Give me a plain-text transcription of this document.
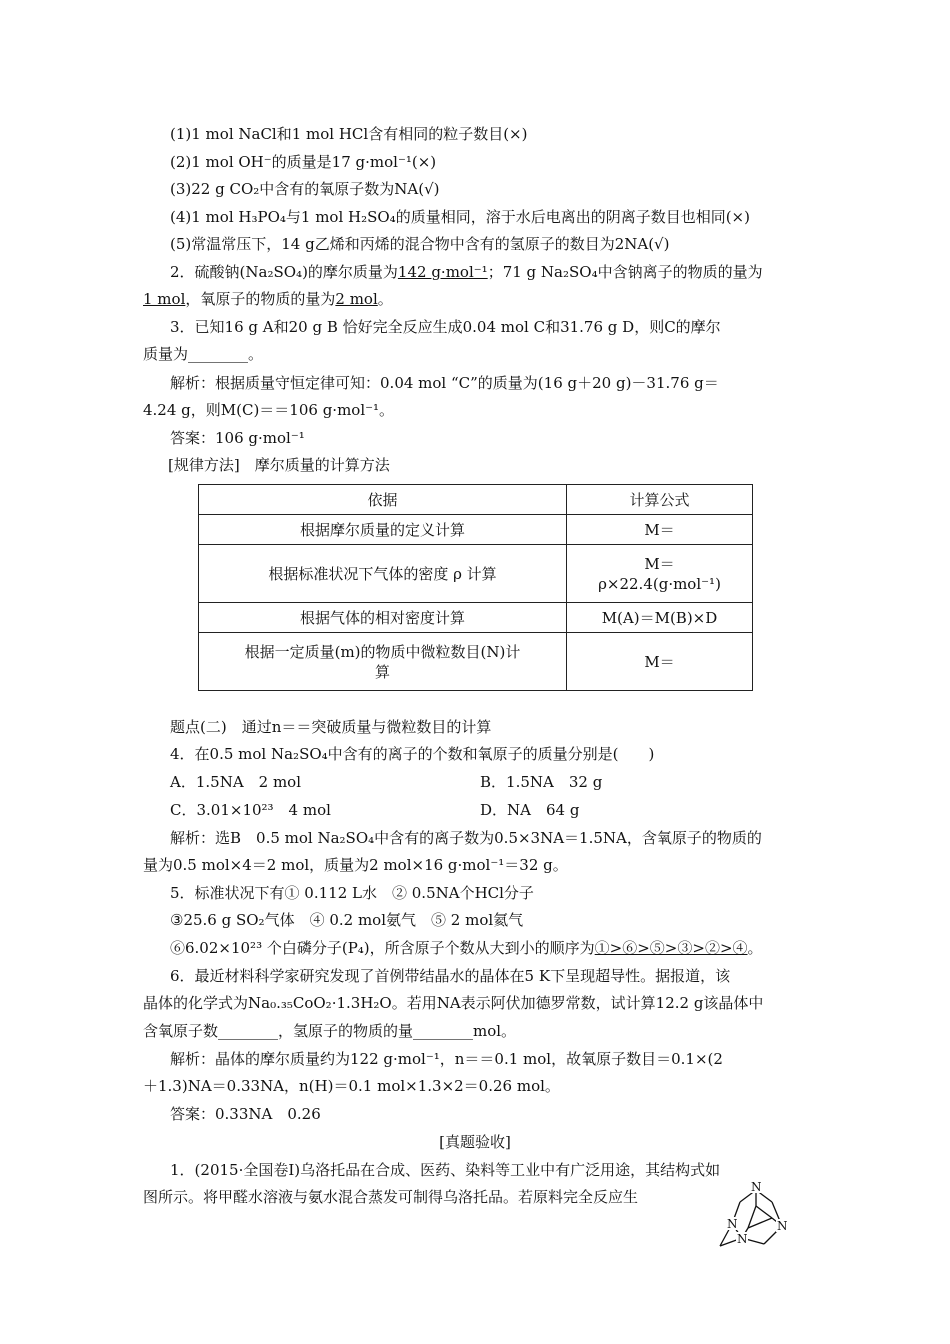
(1)1 mol NaCl和1 mol HCl含有相同的粒子数目(×)
(2)1 mol OH⁻的质量是17 g·mol⁻¹(×)
(3)22 g CO₂中含有的氧原子数为NA(√)
(4)1 mol H₃PO₄与1 mol H₂SO₄的质量相同，溶于水后电离出的阴离子数目也相同(×)
(5)常温常压下，14 g乙烯和丙烯的混合物中含有的氢原子的数目为2NA(√)
2．硫酸钠(Na₂SO₄)的摩尔质量为142 g·mol⁻¹；71 g Na₂SO₄中含钠离子的物质的量为
1 mol，氧原子的物质的量为2 mol。
3．已知16 g A和20 g B 恰好完全反应生成0.04 mol C和31.76 g D，则C的摩尔
质量为________。
解析：根据质量守恒定律可知：0.04 mol “C”的质量为(16 g＋20 g)－31.76 g＝
4.24 g，则M(C)＝＝106 g·mol⁻¹。
答案：106 g·mol⁻¹
[规律方法]　摩尔质量的计算方法
依据	计算公式
根据摩尔质量的定义计算	M＝
根据标准状况下气体的密度 ρ 计算	M＝
ρ×22.4(g·mol⁻¹)

根据气体的相对密度计算	M(A)＝M(B)×D

根据一定质量(m)的物质中微粒数目(N)计
算	M＝
题点(二)　通过n＝＝突破质量与微粒数目的计算
4．在0.5 mol Na₂SO₄中含有的离子的个数和氧原子的质量分别是(　　)
A．1.5NA　2 mol	B．1.5NA　32 g
C．3.01×10²³　4 mol	D．NA　64 g
解析：选B　0.5 mol Na₂SO₄中含有的离子数为0.5×3NA＝1.5NA，含氧原子的物质的
量为0.5 mol×4＝2 mol，质量为2 mol×16 g·mol⁻¹＝32 g。
5．标准状况下有① 0.112 L水　② 0.5NA个HCl分子
③25.6 g SO₂气体　④ 0.2 mol氨气　⑤ 2 mol氦气
⑥6.02×10²³ 个白磷分子(P₄)，所含原子个数从大到小的顺序为①>⑥>⑤>③>②>④。
6．最近材料科学家研究发现了首例带结晶水的晶体在5 K下呈现超导性。据报道，该
晶体的化学式为Na₀.₃₅CoO₂·1.3H₂O。若用NA表示阿伏加德罗常数，试计算12.2 g该晶体中
含氧原子数________，氢原子的物质的量________mol。
解析：晶体的摩尔质量约为122 g·mol⁻¹，n＝＝0.1 mol，故氧原子数目＝0.1×(2
＋1.3)NA＝0.33NA，n(H)＝0.1 mol×1.3×2＝0.26 mol。
答案：0.33NA　0.26
[真题验收]
1．(2015·全国卷Ⅰ)乌洛托品在合成、医药、染料等工业中有广泛用途，其结构式如
图所示。将甲醛水溶液与氨水混合蒸发可制得乌洛托品。若原料完全反应生
N
N	N
N
